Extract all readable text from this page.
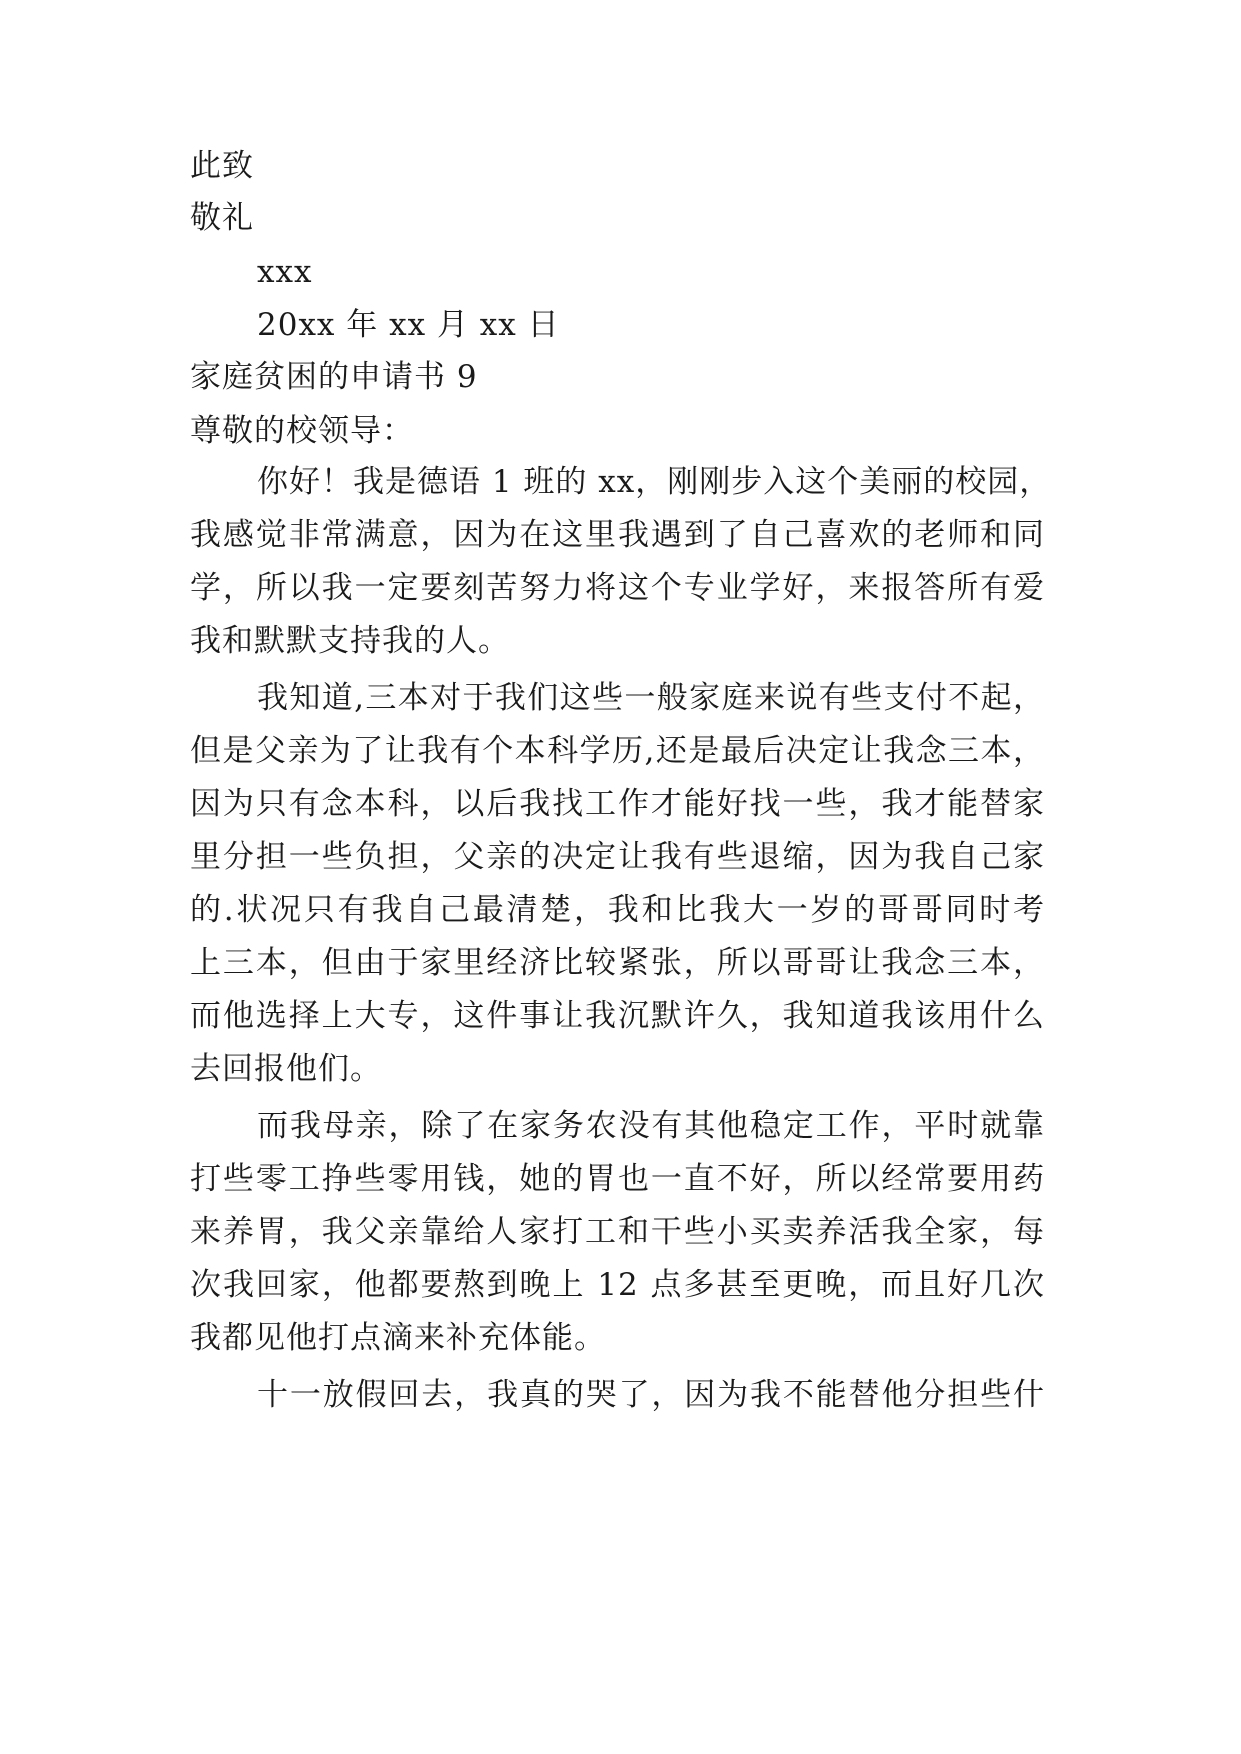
此致
敬礼
xxx
20xx 年 xx 月 xx 日
家庭贫困的申请书 9
尊敬的校领导：
你好！我是德语 1 班的 xx，刚刚步入这个美丽的校园，
我感觉非常满意，因为在这里我遇到了自己喜欢的老师和同
学，所以我一定要刻苦努力将这个专业学好，来报答所有爱
我和默默支持我的人。
我知道,三本对于我们这些一般家庭来说有些支付不起，
但是父亲为了让我有个本科学历,还是最后决定让我念三本，
因为只有念本科，以后我找工作才能好找一些，我才能替家
里分担一些负担，父亲的决定让我有些退缩，因为我自己家
的.状况只有我自己最清楚，我和比我大一岁的哥哥同时考
上三本，但由于家里经济比较紧张，所以哥哥让我念三本，
而他选择上大专，这件事让我沉默许久，我知道我该用什么
去回报他们。
而我母亲，除了在家务农没有其他稳定工作，平时就靠
打些零工挣些零用钱，她的胃也一直不好，所以经常要用药
来养胃，我父亲靠给人家打工和干些小买卖养活我全家，每
次我回家，他都要熬到晚上 12 点多甚至更晚，而且好几次
我都见他打点滴来补充体能。
十一放假回去，我真的哭了，因为我不能替他分担些什
